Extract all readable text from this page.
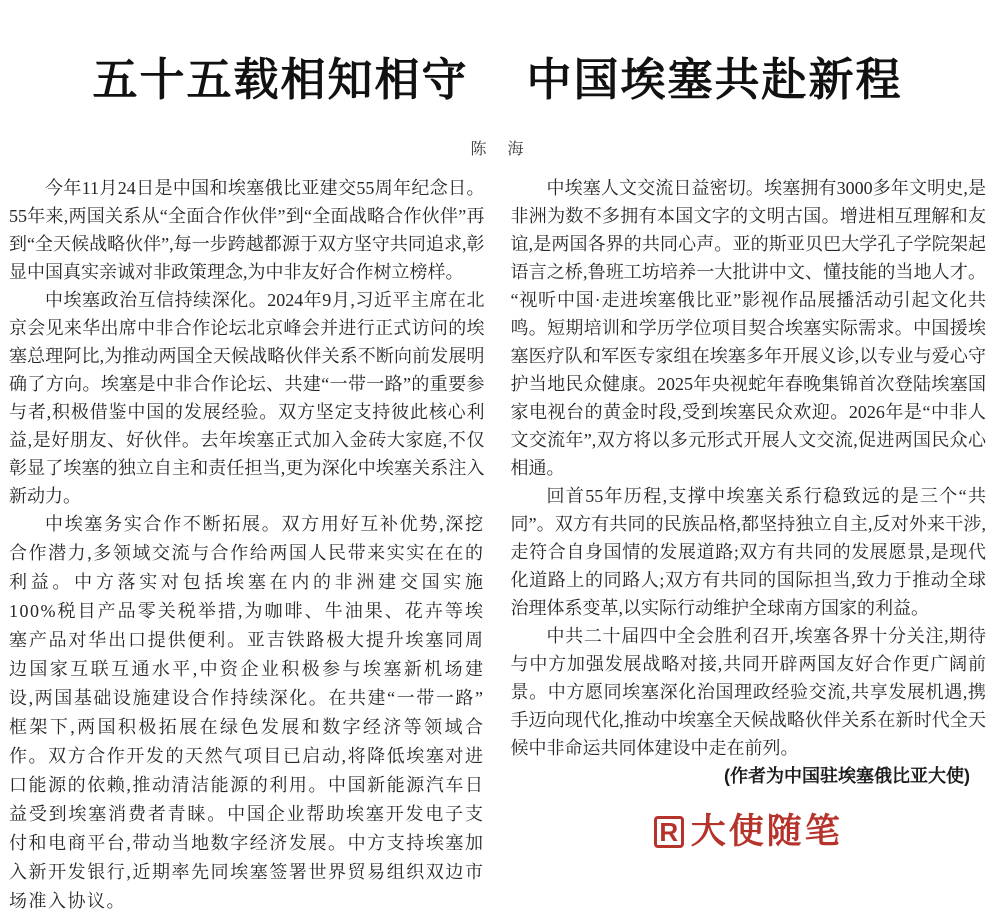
五十五载相知相守    中国埃塞共赴新程
陈    海

今年11月24日是中国和埃塞俄比亚建交55周年纪念日。55年来,两国关系从“全面合作伙伴”到“全面战略合作伙伴”再到“全天候战略伙伴”,每一步跨越都源于双方坚守共同追求,彰显中国真实亲诚对非政策理念,为中非友好合作树立榜样。

中埃塞政治互信持续深化。2024年9月,习近平主席在北京会见来华出席中非合作论坛北京峰会并进行正式访问的埃塞总理阿比,为推动两国全天候战略伙伴关系不断向前发展明确了方向。埃塞是中非合作论坛、共建“一带一路”的重要参与者,积极借鉴中国的发展经验。双方坚定支持彼此核心利益,是好朋友、好伙伴。去年埃塞正式加入金砖大家庭,不仅彰显了埃塞的独立自主和责任担当,更为深化中埃塞关系注入新动力。

中埃塞务实合作不断拓展。双方用好互补优势,深挖合作潜力,多领域交流与合作给两国人民带来实实在在的利益。中方落实对包括埃塞在内的非洲建交国实施100%税目产品零关税举措,为咖啡、牛油果、花卉等埃塞产品对华出口提供便利。亚吉铁路极大提升埃塞同周边国家互联互通水平,中资企业积极参与埃塞新机场建设,两国基础设施建设合作持续深化。在共建“一带一路”框架下,两国积极拓展在绿色发展和数字经济等领域合作。双方合作开发的天然气项目已启动,将降低埃塞对进口能源的依赖,推动清洁能源的利用。中国新能源汽车日益受到埃塞消费者青睐。中国企业帮助埃塞开发电子支付和电商平台,带动当地数字经济发展。中方支持埃塞加入新开发银行,近期率先同埃塞签署世界贸易组织双边市场准入协议。

中埃塞人文交流日益密切。埃塞拥有3000多年文明史,是非洲为数不多拥有本国文字的文明古国。增进相互理解和友谊,是两国各界的共同心声。亚的斯亚贝巴大学孔子学院架起语言之桥,鲁班工坊培养一大批讲中文、懂技能的当地人才。“视听中国·走进埃塞俄比亚”影视作品展播活动引起文化共鸣。短期培训和学历学位项目契合埃塞实际需求。中国援埃塞医疗队和军医专家组在埃塞多年开展义诊,以专业与爱心守护当地民众健康。2025年央视蛇年春晚集锦首次登陆埃塞国家电视台的黄金时段,受到埃塞民众欢迎。2026年是“中非人文交流年”,双方将以多元形式开展人文交流,促进两国民众心相通。

回首55年历程,支撑中埃塞关系行稳致远的是三个“共同”。双方有共同的民族品格,都坚持独立自主,反对外来干涉,走符合自身国情的发展道路;双方有共同的发展愿景,是现代化道路上的同路人;双方有共同的国际担当,致力于推动全球治理体系变革,以实际行动维护全球南方国家的利益。

中共二十届四中全会胜利召开,埃塞各界十分关注,期待与中方加强发展战略对接,共同开辟两国友好合作更广阔前景。中方愿同埃塞深化治国理政经验交流,共享发展机遇,携手迈向现代化,推动中埃塞全天候战略伙伴关系在新时代全天候中非命运共同体建设中走在前列。

(作者为中国驻埃塞俄比亚大使)

R 大使随笔
